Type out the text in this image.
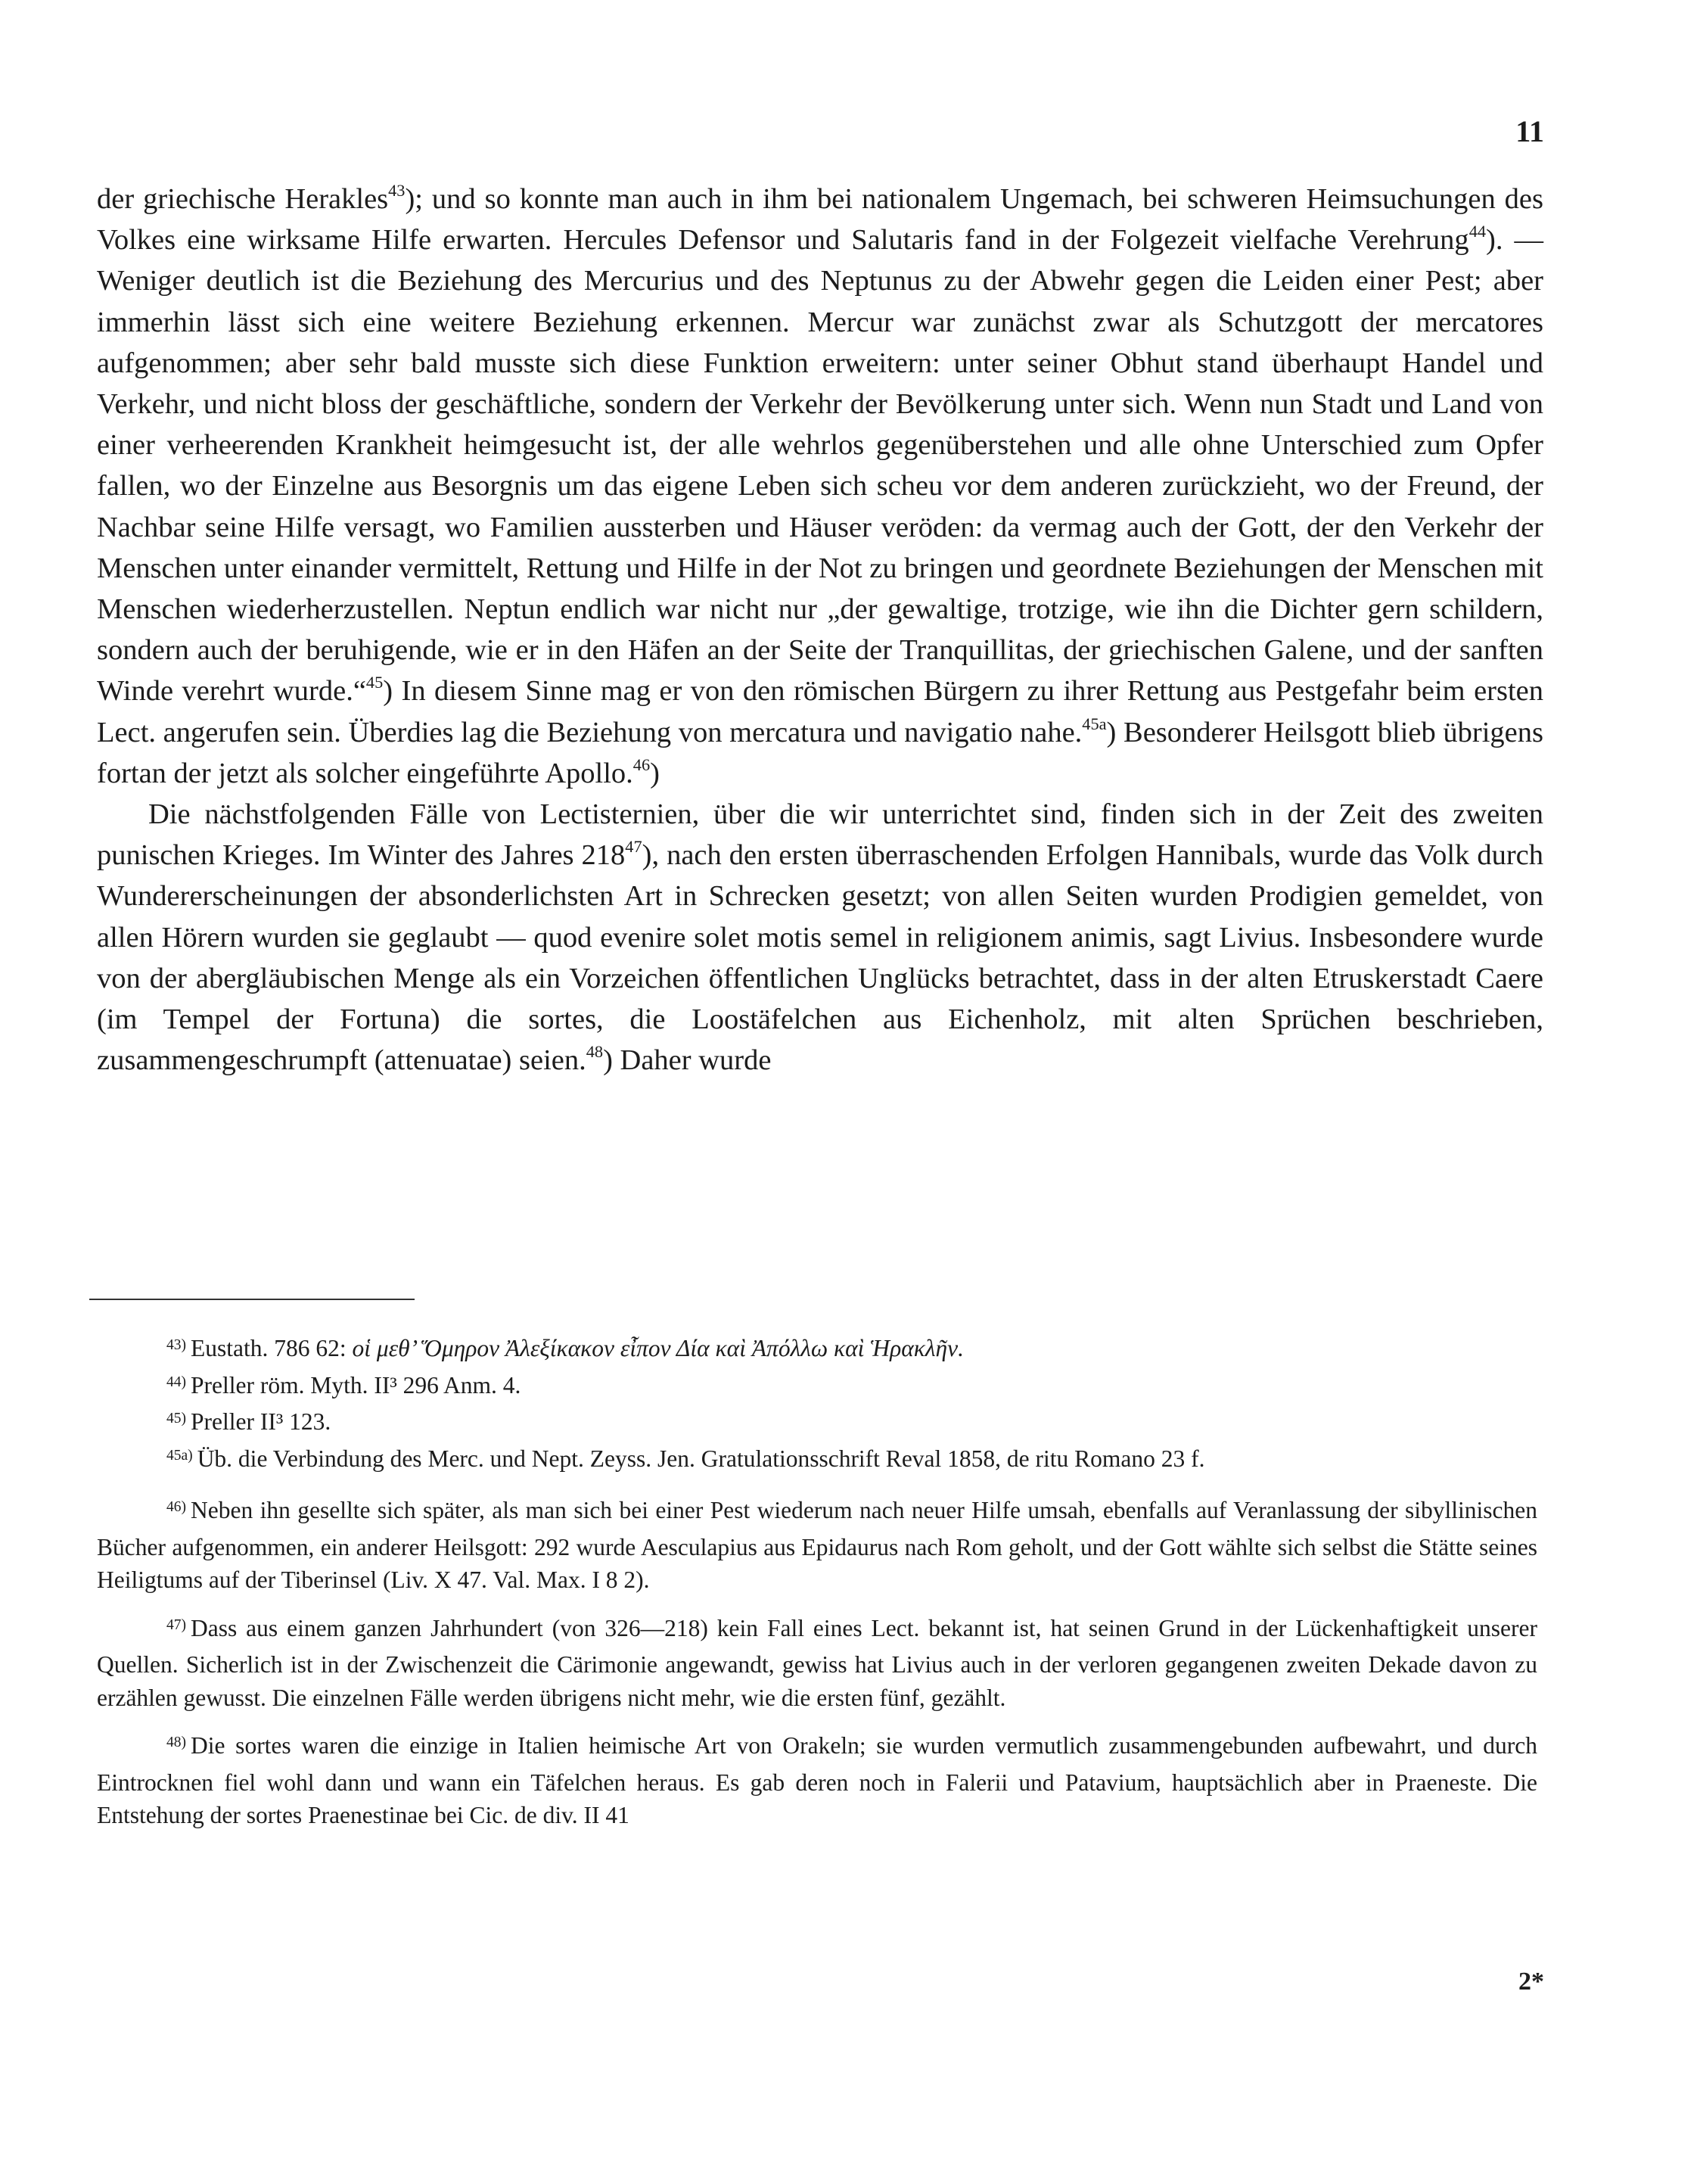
11

der griechische Herakles$^{43}$); und so konnte man auch in ihm bei nationalem Ungemach, bei schweren Heimsuchungen des Volkes eine wirksame Hilfe erwarten. Hercules Defensor und Salutaris fand in der Folgezeit vielfache Verehrung$^{44}$). — Weniger deutlich ist die Beziehung des Mercurius und des Neptunus zu der Abwehr gegen die Leiden einer Pest; aber immerhin lässt sich eine weitere Beziehung erkennen. Mercur war zunächst zwar als Schutzgott der mercatores aufgenommen; aber sehr bald musste sich diese Funktion erweitern: unter seiner Obhut stand überhaupt Handel und Verkehr, und nicht bloss der geschäftliche, sondern der Verkehr der Bevölkerung unter sich. Wenn nun Stadt und Land von einer verheerenden Krankheit heimgesucht ist, der alle wehrlos gegenüberstehen und alle ohne Unterschied zum Opfer fallen, wo der Einzelne aus Besorgnis um das eigene Leben sich scheu vor dem anderen zurückzieht, wo der Freund, der Nachbar seine Hilfe versagt, wo Familien aussterben und Häuser veröden: da vermag auch der Gott, der den Verkehr der Menschen unter einander vermittelt, Rettung und Hilfe in der Not zu bringen und geordnete Beziehungen der Menschen mit Menschen wiederherzustellen. Neptun endlich war nicht nur „der gewaltige, trotzige, wie ihn die Dichter gern schildern, sondern auch der beruhigende, wie er in den Häfen an der Seite der Tranquillitas, der griechischen Galene, und der sanften Winde verehrt wurde.“$^{45}$) In diesem Sinne mag er von den römischen Bürgern zu ihrer Rettung aus Pestgefahr beim ersten Lect. angerufen sein. Überdies lag die Beziehung von mercatura und navigatio nahe.$^{45a}$) Besonderer Heilsgott blieb übrigens fortan der jetzt als solcher eingeführte Apollo.$^{46}$)

Die nächstfolgenden Fälle von Lectisternien, über die wir unterrichtet sind, finden sich in der Zeit des zweiten punischen Krieges. Im Winter des Jahres $218^{47}$), nach den ersten überraschenden Erfolgen Hannibals, wurde das Volk durch Wundererscheinungen der absonderlichsten Art in Schrecken gesetzt; von allen Seiten wurden Prodigien gemeldet, von allen Hörern wurden sie geglaubt — quod evenire solet motis semel in religionem animis, sagt Livius. Insbesondere wurde von der abergläubischen Menge als ein Vorzeichen öffentlichen Unglücks betrachtet, dass in der alten Etruskerstadt Caere (im Tempel der Fortuna) die sortes, die Loostäfelchen aus Eichenholz, mit alten Sprüchen beschrieben, zusammengeschrumpft (attenuatae) seien.$^{48}$) Daher wurde

$^{43)}$ Eustath. 786 62: οἱ μεθ’ Ὅμηρον Ἀλεξίκακον εἶπον Δία καὶ Ἀπόλλω καὶ Ἡρακλῆν.

$^{44)}$ Preller röm. Myth. II³ 296 Anm. 4.

$^{45)}$ Preller II³ 123.

$^{45a)}$ Üb. die Verbindung des Merc. und Nept. Zeyss. Jen. Gratulationsschrift Reval 1858, de ritu Romano 23 f.

$^{46)}$ Neben ihn gesellte sich später, als man sich bei einer Pest wiederum nach neuer Hilfe umsah, ebenfalls auf Veranlassung der sibyllinischen Bücher aufgenommen, ein anderer Heilsgott: 292 wurde Aesculapius aus Epidaurus nach Rom geholt, und der Gott wählte sich selbst die Stätte seines Heiligtums auf der Tiberinsel (Liv. X 47. Val. Max. I 8 2).

$^{47)}$ Dass aus einem ganzen Jahrhundert (von 326—218) kein Fall eines Lect. bekannt ist, hat seinen Grund in der Lückenhaftigkeit unserer Quellen. Sicherlich ist in der Zwischenzeit die Cärimonie angewandt, gewiss hat Livius auch in der verloren gegangenen zweiten Dekade davon zu erzählen gewusst. Die einzelnen Fälle werden übrigens nicht mehr, wie die ersten fünf, gezählt.

$^{48)}$ Die sortes waren die einzige in Italien heimische Art von Orakeln; sie wurden vermutlich zusammengebunden aufbewahrt, und durch Eintrocknen fiel wohl dann und wann ein Täfelchen heraus. Es gab deren noch in Falerii und Patavium, hauptsächlich aber in Praeneste. Die Entstehung der sortes Praenestinae bei Cic. de div. II 41

2*
